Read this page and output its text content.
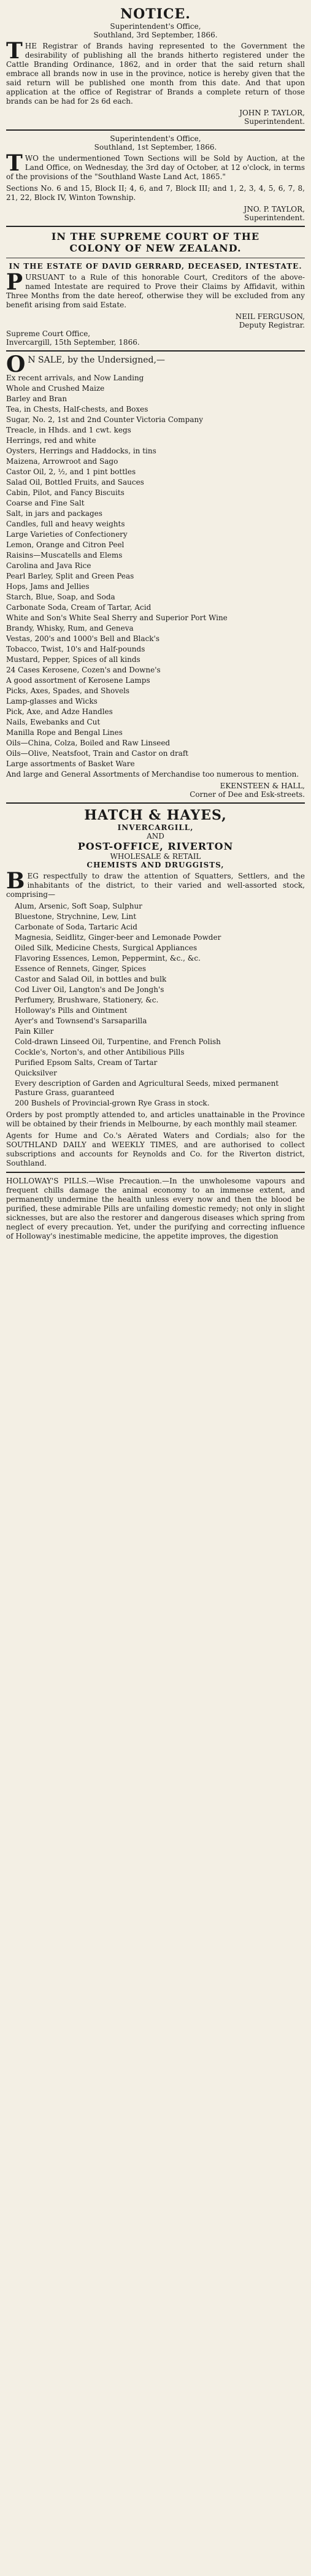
NOTICE.
Superintendent's Office,
Southland, 3rd September, 1866.

THE Registrar of Brands having represented to the Government the desirability of publishing all the brands hitherto registered under the Cattle Branding Ordinance, 1862, and in order that the said return shall embrace all brands now in use in the province, notice is hereby given that the said return will be published one month from this date. And that upon application at the office of Registrar of Brands a complete return of those brands can be had for 2s 6d each.

JOHN P. TAYLOR,
Superintendent.
Superintendent's Office,
Southland, 1st September, 1866.

TWO the undermentioned Town Sections will be Sold by Auction, at the Land Office, on Wednesday, the 3rd day of October, at 12 o'clock, in terms of the provisions of the "Southland Waste Land Act, 1865."

Sections No. 6 and 15, Block II; 4, 6, and 7, Block III; and 1, 2, 3, 4, 5, 6, 7, 8, 21, 22, Block IV, Winton Township.

JNO. P. TAYLOR,
Superintendent.
IN THE SUPREME COURT OF THE
COLONY OF NEW ZEALAND.
IN THE ESTATE OF DAVID GERRARD, DECEASED, INTESTATE.

PURSUANT to a Rule of this honorable Court, Creditors of the above-named Intestate are required to Prove their Claims by Affidavit, within Three Months from the date hereof, otherwise they will be excluded from any benefit arising from said Estate.

NEIL FERGUSON,
Deputy Registrar.
Supreme Court Office,
Invercargill, 15th September, 1866.
O N SALE, by the Undersigned,—
Ex recent arrivals, and Now Landing
Whole and Crushed Maize
Barley and Bran
Tea, in Chests, Half-chests, and Boxes
Sugar, No. 2, 1st and 2nd Counter Victoria Company
Treacle, in Hhds. and 1 cwt. kegs
Herrings, red and white
Oysters, Herrings and Haddocks, in tins
Maizena, Arrowroot and Sago
Castor Oil, 2, ½, and 1 pint bottles
Salad Oil, Bottled Fruits, and Sauces
Cabin, Pilot, and Fancy Biscuits
Coarse and Fine Salt
Salt, in jars and packages
Candles, full and heavy weights
Large Varieties of Confectionery
Lemon, Orange and Citron Peel
Raisins—Muscatells and Elems
Carolina and Java Rice
Pearl Barley, Split and Green Peas
Hops, Jams and Jellies
Starch, Blue, Soap, and Soda
Carbonate Soda, Cream of Tartar, Acid
White and Son's White Seal Sherry and Superior Port Wine
Brandy, Whisky, Rum, and Geneva
Vestas, 200's and 1000's Bell and Black's
Tobacco, Twist, 10's and Half-pounds
Mustard, Pepper, Spices of all kinds
24 Cases Kerosene, Cozen's and Downe's
A good assortment of Kerosene Lamps
Picks, Axes, Spades, and Shovels
Lamp-glasses and Wicks
Pick, Axe, and Adze Handles
Nails, Ewebanks and Cut
Manilla Rope and Bengal Lines
Oils—China, Colza, Boiled and Raw Linseed
Oils—Olive, Neatsfoot, Train and Castor on draft
Large assortments of Basket Ware
And large and General Assortments of Merchandise too numerous to mention.
EKENSTEEN & HALL,
Corner of Dee and Esk-streets.
HATCH & HAYES,
INVERCARGILL,
AND
POST-OFFICE, RIVERTON
WHOLESALE & RETAIL
CHEMISTS AND DRUGGISTS,

BEG respectfully to draw the attention of Squatters, Settlers, and the inhabitants of the district, to their varied and well-assorted stock, comprising—

Alum, Arsenic, Soft Soap, Sulphur
Bluestone, Strychnine, Lew, Lint
Carbonate of Soda, Tartaric Acid
Magnesia, Seidlitz, Ginger-beer and Lemonade Powder
Oiled Silk, Medicine Chests, Surgical Appliances
Flavoring Essences, Lemon, Peppermint, &c., &c.
Essence of Rennets, Ginger, Spices
Castor and Salad Oil, in bottles and bulk
Cod Liver Oil, Langton's and De Jongh's
Perfumery, Brushware, Stationery, &c.
Holloway's Pills and Ointment
Ayer's and Townsend's Sarsaparilla
Pain Killer
Cold-drawn Linseed Oil, Turpentine, and French Polish
Cockle's, Norton's, and other Antibilious Pills
Purified Epsom Salts, Cream of Tartar
Quicksilver
Every description of Garden and Agricultural Seeds, mixed permanent Pasture Grass, guaranteed
200 Bushels of Provincial-grown Rye Grass in stock.

Orders by post promptly attended to, and articles unattainable in the Province will be obtained by their friends in Melbourne, by each monthly mail steamer.

Agents for Hume and Co.'s Aërated Waters and Cordials; also for the SOUTHLAND DAILY and WEEKLY TIMES, and are authorised to collect subscriptions and accounts for Reynolds and Co. for the Riverton district, Southland.

HOLLOWAY'S PILLS.—Wise Precaution.—In the unwholesome vapours and frequent chills damage the animal economy to an immense extent, and permanently undermine the health unless every now and then the blood be purified, these admirable Pills are unfailing domestic remedy; not only in slight sicknesses, but are also the restorer and dangerous diseases which spring from neglect of every precaution. Yet, under the purifying and correcting influence of Holloway's inestimable medicine, the appetite improves, the digestion
